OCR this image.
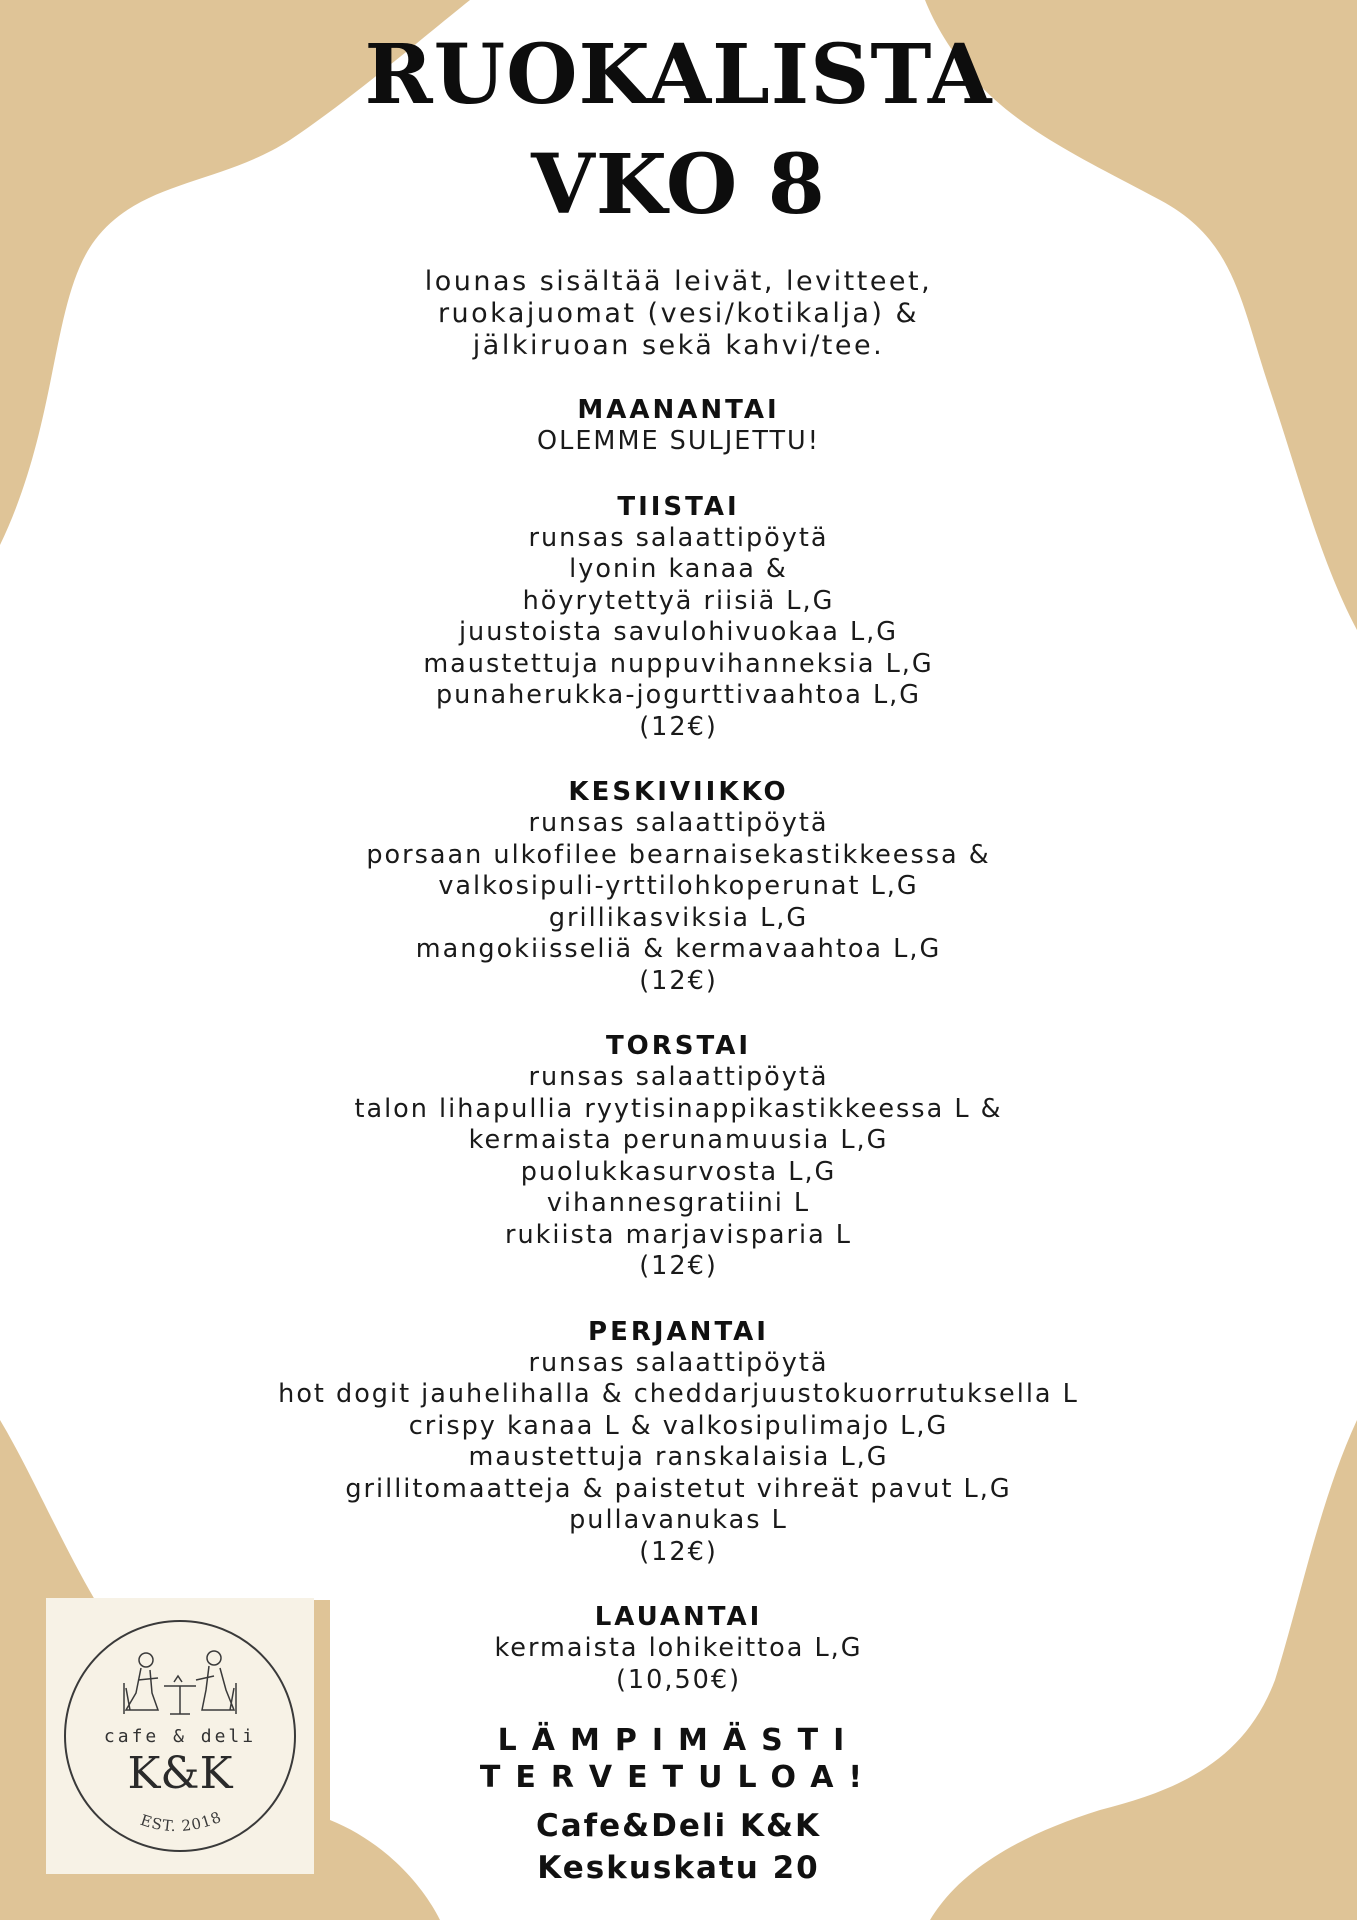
RUOKALISTA
VKO 8
lounas sisältää leivät, levitteet,
ruokajuomat (vesi/kotikalja) &
jälkiruoan sekä kahvi/tee.
MAANANTAI
OLEMME SULJETTU!
TIISTAI
runsas salaattipöytä
lyonin kanaa &
höyrytettyä riisiä L,G
juustoista savulohivuokaa L,G
maustettuja nuppuvihanneksia L,G
punaherukka-jogurttivaahtoa L,G
(12€)
KESKIVIIKKO
runsas salaattipöytä
porsaan ulkofilee bearnaisekastikkeessa &
valkosipuli-yrttilohkoperunat L,G
grillikasviksia L,G
mangokiisseliä & kermavaahtoa L,G
(12€)
TORSTAI
runsas salaattipöytä
talon lihapullia ryytisinappikastikkeessa L &
kermaista perunamuusia L,G
puolukkasurvosta L,G
vihannesgratiini L
rukiista marjavisparia L
(12€)
PERJANTAI
runsas salaattipöytä
hot dogit jauhelihalla & cheddarjuustokuorrutuksella L
crispy kanaa L & valkosipulimajo L,G
maustettuja ranskalaisia L,G
grillitomaatteja & paistetut vihreät pavut L,G
pullavanukas L
(12€)
LAUANTAI
kermaista lohikeittoa L,G
(10,50€)
LÄMPIMÄSTI
TERVETULOA!
Cafe&Deli K&K
Keskuskatu 20
cafe & deli
K&K
EST. 2018
